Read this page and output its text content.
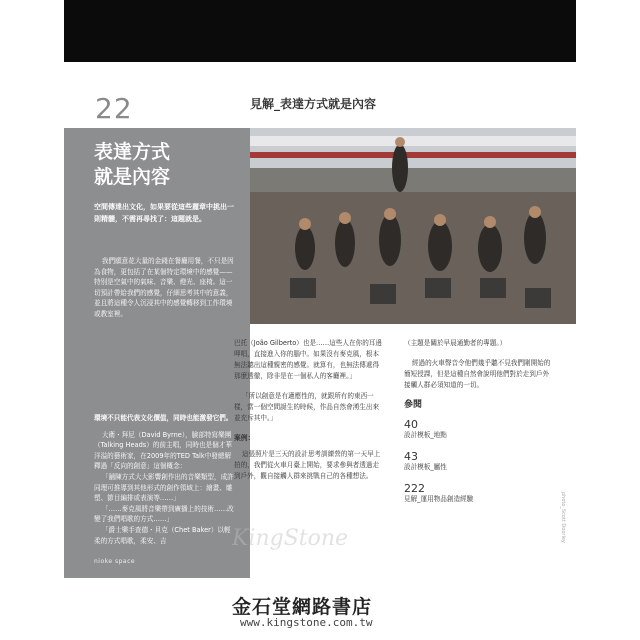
22	見解_表達方式就是內容
表達方式
就是內容
空間傳達出文化，如果要從這些麗章中挑出一則精髓，不需再尋找了：這題就是。

我們願意花大量的金錢在餐廳用餐，不只是因為食物，更包括了在某個特定環境中的感覺——特別是空氣中的氣味、音樂、燈光、座椅。這一切預計帶給我們的感覺，仔細思考其中的意義，並且將這種令人沉浸其中的感覺轉移到工作環境或教室裡。

環境不只能代表文化價值，同時也能激發它們。

大衛・拜尼（David Byrne），臉部特寫樂團（Talking Heads）的前主唱，同時也是個才華洋溢的藝術家，在2009年的TED Talk中發總解釋過「反向的創意」這個概念：

「舖陳方式大大影響創作出的音樂類型，成許同理可推導到其他形式的創作領域上：繪畫、雕塑、節目編排或表演等……」

「……麥克風將音樂帶到廣播上的技術……改變了我們唱歌的方式……」

「爵士樂手查德・貝克（Chet Baker）以輕柔的方式唱歌，柔安、吉

nioke space

巴托（João Gilberto）也是……這些人在你的耳邊呷唱，直接進入你的腦中。如果沒有麥克風，根本無法聽出這種親密的感覺。就算有，也無法傳遞得那麼透徹，除非是在一個私人的客廳裡。」

「所以創意是有適應性的，就跟所有的東西一樣，當一個空間誕生的時候，作品自然會湧生出來並充斥其中。」

案例：

這張照片是三天的設計思考訓練營的第一天早上拍的，我們從火車月臺上開始，要求參與者透過走到戶外，觀自接觸人群來挑戰自己的各種想法。

（主題是關於早晨通勤者的專題。）

經過的火車聲音令他們幾乎聽不見我們剛開始的簡短授課，但是這種自然會說明他們對於走到戶外接觸人群必須知道的一切。

參閱
40
設計模板_地點
43
設計模板_屬性
222
見解_運用物品創造經驗	photo_Scott Doorley
KingStone
金石堂網路書店
www.kingstone.com.tw
